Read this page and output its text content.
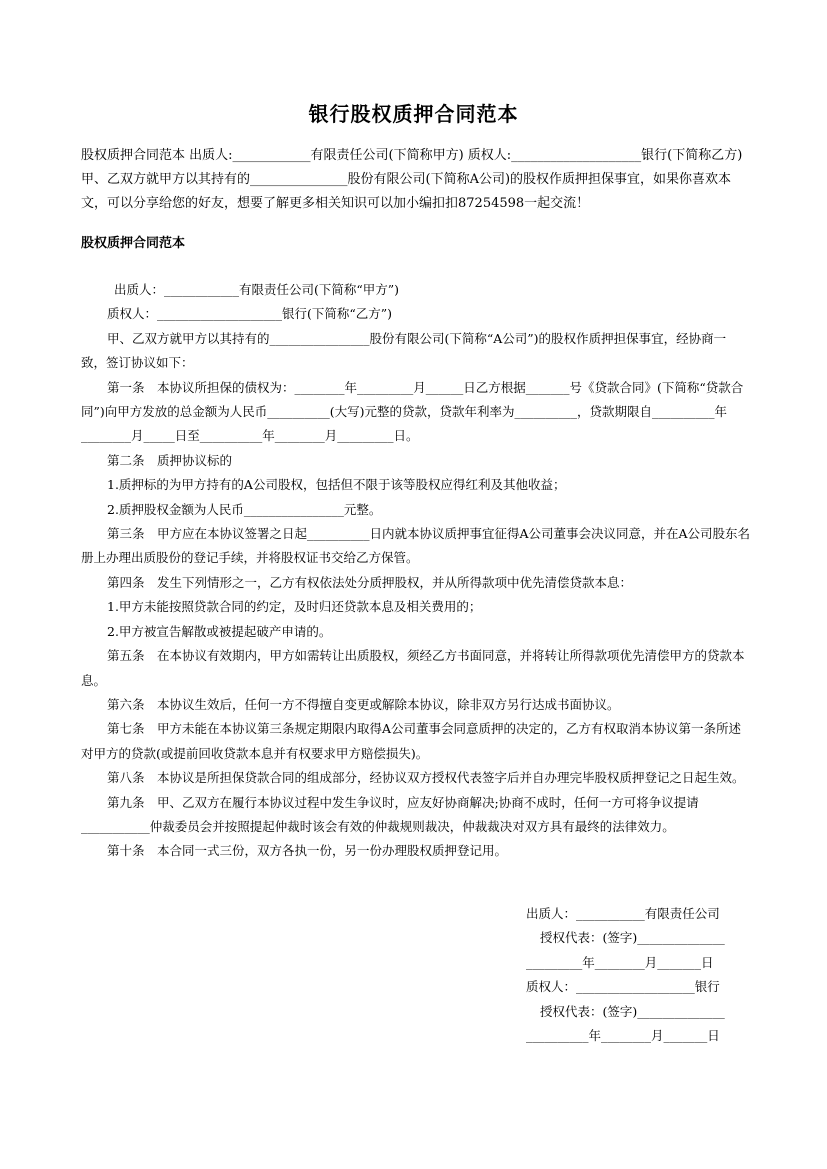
银行股权质押合同范本
股权质押合同范本 出质人:____________有限责任公司(下简称甲方) 质权人:____________________银行(下简称乙方) 甲、乙双方就甲方以其持有的_______________股份有限公司(下简称A公司)的股权作质押担保事宜，如果你喜欢本文，可以分享给您的好友，想要了解更多相关知识可以加小编扣扣87254598一起交流！
股权质押合同范本

出质人：____________有限责任公司(下简称“甲方”)

质权人：____________________银行(下简称“乙方”)

甲、乙双方就甲方以其持有的________________股份有限公司(下简称“A公司”)的股权作质押担保事宜，经协商一致，签订协议如下：

第一条　本协议所担保的债权为：________年_________月______日乙方根据_______号《贷款合同》(下简称“贷款合同”)向甲方发放的总金额为人民币__________(大写)元整的贷款，贷款年利率为__________，贷款期限自__________年________月_____日至__________年________月_________日。

第二条　质押协议标的

1.质押标的为甲方持有的A公司股权，包括但不限于该等股权应得红利及其他收益；

2.质押股权金额为人民币________________元整。

第三条　甲方应在本协议签署之日起__________日内就本协议质押事宜征得A公司董事会决议同意，并在A公司股东名册上办理出质股份的登记手续，并将股权证书交给乙方保管。

第四条　发生下列情形之一，乙方有权依法处分质押股权，并从所得款项中优先清偿贷款本息：

1.甲方未能按照贷款合同的约定，及时归还贷款本息及相关费用的；

2.甲方被宣告解散或被提起破产申请的。

第五条　在本协议有效期内，甲方如需转让出质股权，须经乙方书面同意，并将转让所得款项优先清偿甲方的贷款本息。

第六条　本协议生效后，任何一方不得擅自变更或解除本协议，除非双方另行达成书面协议。

第七条　甲方未能在本协议第三条规定期限内取得A公司董事会同意质押的决定的，乙方有权取消本协议第一条所述对甲方的贷款(或提前回收贷款本息并有权要求甲方赔偿损失)。

第八条　本协议是所担保贷款合同的组成部分，经协议双方授权代表签字后并自办理完毕股权质押登记之日起生效。

第九条　甲、乙双方在履行本协议过程中发生争议时，应友好协商解决;协商不成时，任何一方可将争议提请___________仲裁委员会并按照提起仲裁时该会有效的仲裁规则裁决，仲裁裁决对双方具有最终的法律效力。

第十条　本合同一式三份，双方各执一份，另一份办理股权质押登记用。

出质人：___________有限责任公司
授权代表：(签字)______________
_________年________月_______日
质权人：___________________银行
授权代表：(签字)______________
__________年________月_______日
